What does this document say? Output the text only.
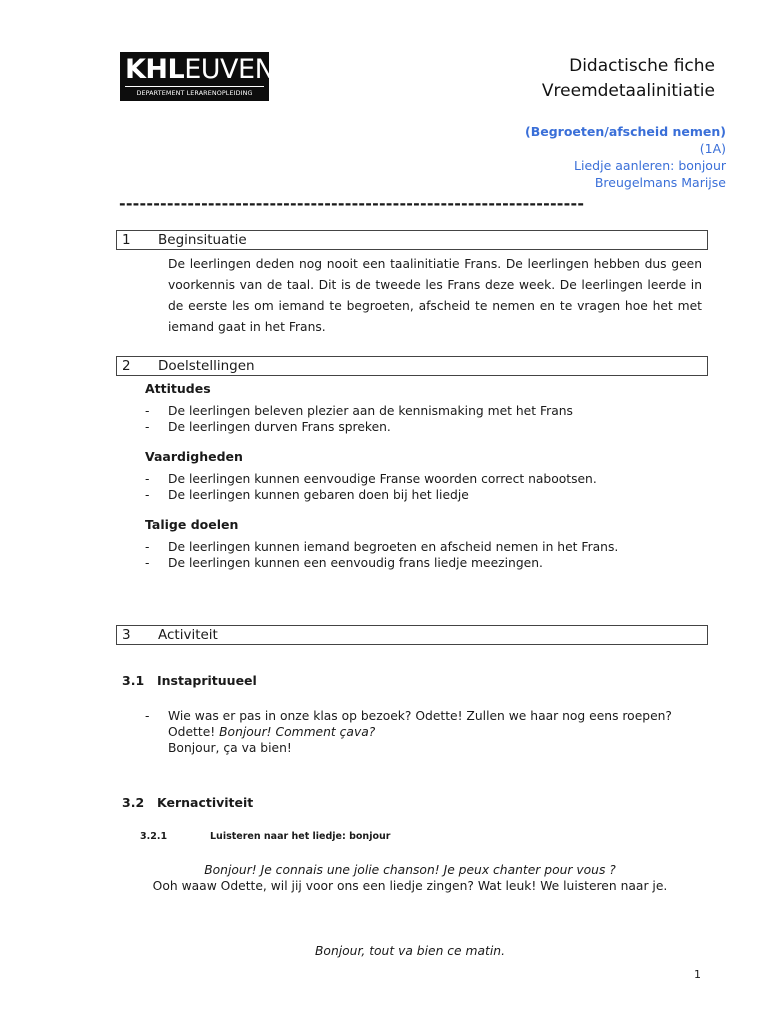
KHLEUVEN
DEPARTEMENT LERARENOPLEIDING
Didactische fiche
Vreemdetaalinitiatie
(Begroeten/afscheid nemen)
(1A)
Liedje aanleren: bonjour
Breugelmans Marijse
--------------------------------------------------------------------
1 Beginsituatie
De leerlingen deden nog nooit een taalinitiatie Frans. De leerlingen hebben dus geen voorkennis van de taal. Dit is de tweede les Frans deze week. De leerlingen leerde in de eerste les om iemand te begroeten, afscheid te nemen en te vragen hoe het met iemand gaat in het Frans.
2 Doelstellingen
Attitudes
- De leerlingen beleven plezier aan de kennismaking met het Frans
- De leerlingen durven Frans spreken.
Vaardigheden
- De leerlingen kunnen eenvoudige Franse woorden correct nabootsen.
- De leerlingen kunnen gebaren doen bij het liedje
Talige doelen
- De leerlingen kunnen iemand begroeten en afscheid nemen in het Frans.
- De leerlingen kunnen een eenvoudig frans liedje meezingen.
3 Activiteit
3.1 Instaprituueel
- Wie was er pas in onze klas op bezoek? Odette! Zullen we haar nog eens roepen?
Odette! Bonjour! Comment çava?
Bonjour, ça va bien!
3.2 Kernactiviteit
3.2.1	Luisteren naar het liedje: bonjour
Bonjour! Je connais une jolie chanson! Je peux chanter pour vous ?
Ooh waaw Odette, wil jij voor ons een liedje zingen? Wat leuk! We luisteren naar je.
Bonjour, tout va bien ce matin.
1
